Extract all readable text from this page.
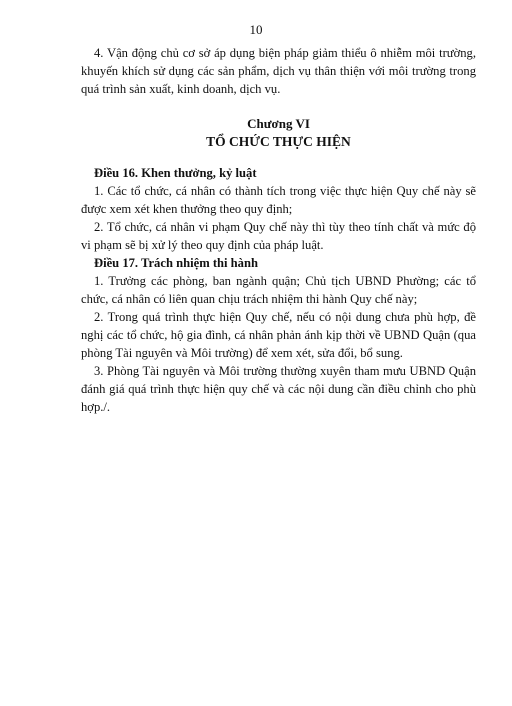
10

4. Vận động chủ cơ sở áp dụng biện pháp giảm thiểu ô nhiễm môi trường, khuyến khích sử dụng các sản phẩm, dịch vụ thân thiện với môi trường trong quá trình sản xuất, kinh doanh, dịch vụ.

Chương VI
TỔ CHỨC THỰC HIỆN

Điều 16. Khen thưởng, kỷ luật

1. Các tổ chức, cá nhân có thành tích trong việc thực hiện Quy chế này sẽ được xem xét khen thưởng theo quy định;

2. Tổ chức, cá nhân vi phạm Quy chế này thì tùy theo tính chất và mức độ vi phạm sẽ bị xử lý theo quy định của pháp luật.

Điều 17. Trách nhiệm thi hành

1. Trưởng các phòng, ban ngành quận; Chủ tịch UBND Phường; các tổ chức, cá nhân có liên quan chịu trách nhiệm thi hành Quy chế này;

2. Trong quá trình thực hiện Quy chế, nếu có nội dung chưa phù hợp, đề nghị các tổ chức, hộ gia đình, cá nhân phản ánh kịp thời về UBND Quận (qua phòng Tài nguyên và Môi trường) để xem xét, sửa đổi, bổ sung.

3. Phòng Tài nguyên và Môi trường thường xuyên tham mưu UBND Quận đánh giá quá trình thực hiện quy chế và các nội dung cần điều chỉnh cho phù hợp./.
